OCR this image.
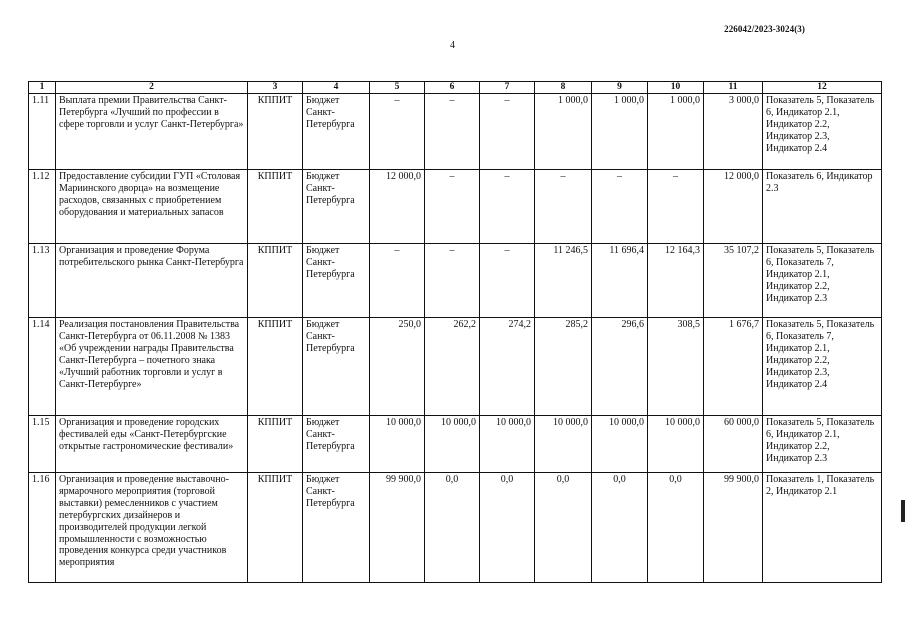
226042/2023-3024(3)
4
1	2	3	4	5	6	7	8	9	10	11	12
1.11	Выплата премии Правительства Санкт-Петербурга «Лучший по профессии в сфере торговли и услуг Санкт-Петербурга»	КППИТ	Бюджет Санкт-Петербурга	–	–	–	1 000,0	1 000,0	1 000,0	3 000,0	Показатель 5, Показатель 6, Индикатор 2.1, Индикатор 2.2, Индикатор 2.3, Индикатор 2.4
1.12	Предоставление субсидии ГУП «Столовая Мариинского дворца» на возмещение расходов, связанных с приобретением оборудования и материальных запасов	КППИТ	Бюджет Санкт-Петербурга	12 000,0	–	–	–	–	–	12 000,0	Показатель 6, Индикатор 2.3
1.13	Организация и проведение Форума потребительского рынка Санкт-Петербурга	КППИТ	Бюджет Санкт-Петербурга	–	–	–	11 246,5	11 696,4	12 164,3	35 107,2	Показатель 5, Показатель 6, Показатель 7, Индикатор 2.1, Индикатор 2.2, Индикатор 2.3
1.14	Реализация постановления Правительства Санкт-Петербурга от 06.11.2008 № 1383 «Об учреждении награды Правительства Санкт-Петербурга – почетного знака «Лучший работник торговли и услуг в Санкт-Петербурге»	КППИТ	Бюджет Санкт-Петербурга	250,0	262,2	274,2	285,2	296,6	308,5	1 676,7	Показатель 5, Показатель 6, Показатель 7, Индикатор 2.1, Индикатор 2.2, Индикатор 2.3, Индикатор 2.4
1.15	Организация и проведение городских фестивалей еды «Санкт-Петербургские открытые гастрономические фестивали»	КППИТ	Бюджет Санкт-Петербурга	10 000,0	10 000,0	10 000,0	10 000,0	10 000,0	10 000,0	60 000,0	Показатель 5, Показатель 6, Индикатор 2.1, Индикатор 2.2, Индикатор 2.3
1.16	Организация и проведение выставочно-ярмарочного мероприятия (торговой выставки) ремесленников с участием петербургских дизайнеров и производителей продукции легкой промышленности с возможностью проведения конкурса среди участников мероприятия	КППИТ	Бюджет Санкт-Петербурга	99 900,0	0,0	0,0	0,0	0,0	0,0	99 900,0	Показатель 1, Показатель 2, Индикатор 2.1
